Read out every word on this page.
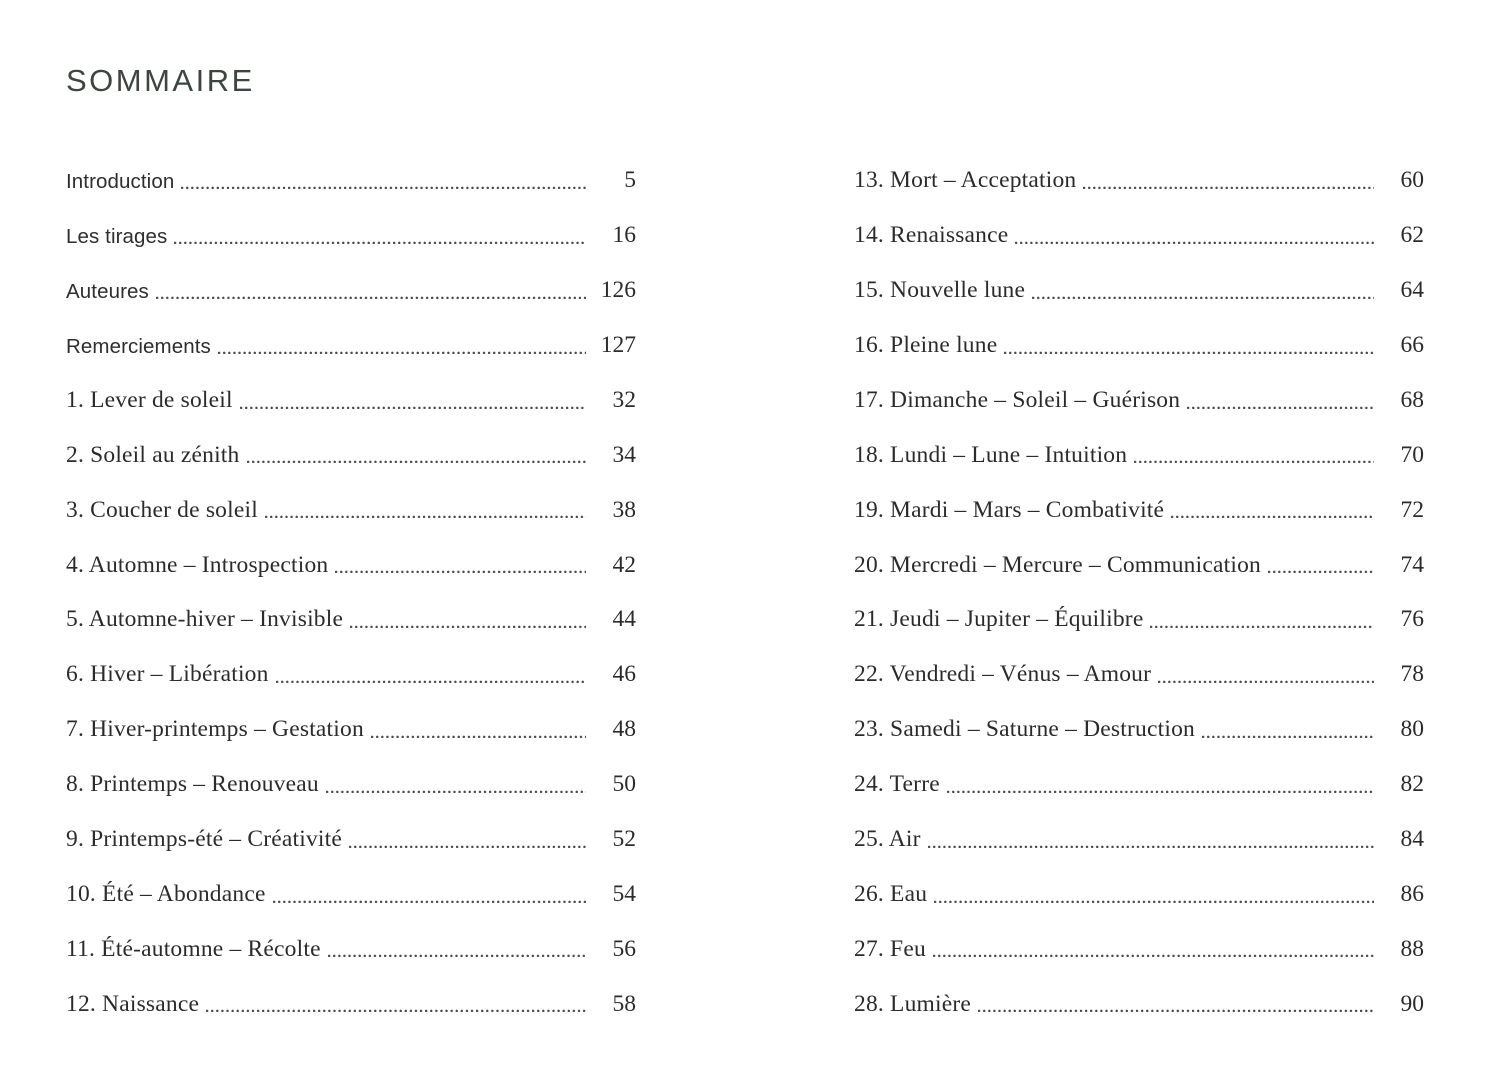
SOMMAIRE
Introduction	5
Les tirages	16
Auteures	126
Remerciements	127
1. Lever de soleil	32
2. Soleil au zénith	34
3. Coucher de soleil	38
4. Automne – Introspection	42
5. Automne-hiver – Invisible	44
6. Hiver – Libération	46
7. Hiver-printemps – Gestation	48
8. Printemps – Renouveau	50
9. Printemps-été – Créativité	52
10. Été – Abondance	54
11. Été-automne – Récolte	56
12. Naissance	58
13. Mort – Acceptation	60
14. Renaissance	62
15. Nouvelle lune	64
16. Pleine lune	66
17. Dimanche – Soleil – Guérison	68
18. Lundi – Lune – Intuition	70
19. Mardi – Mars – Combativité	72
20. Mercredi – Mercure – Communication	74
21. Jeudi – Jupiter – Équilibre	76
22. Vendredi – Vénus – Amour	78
23. Samedi – Saturne – Destruction	80
24. Terre	82
25. Air	84
26. Eau	86
27. Feu	88
28. Lumière	90
